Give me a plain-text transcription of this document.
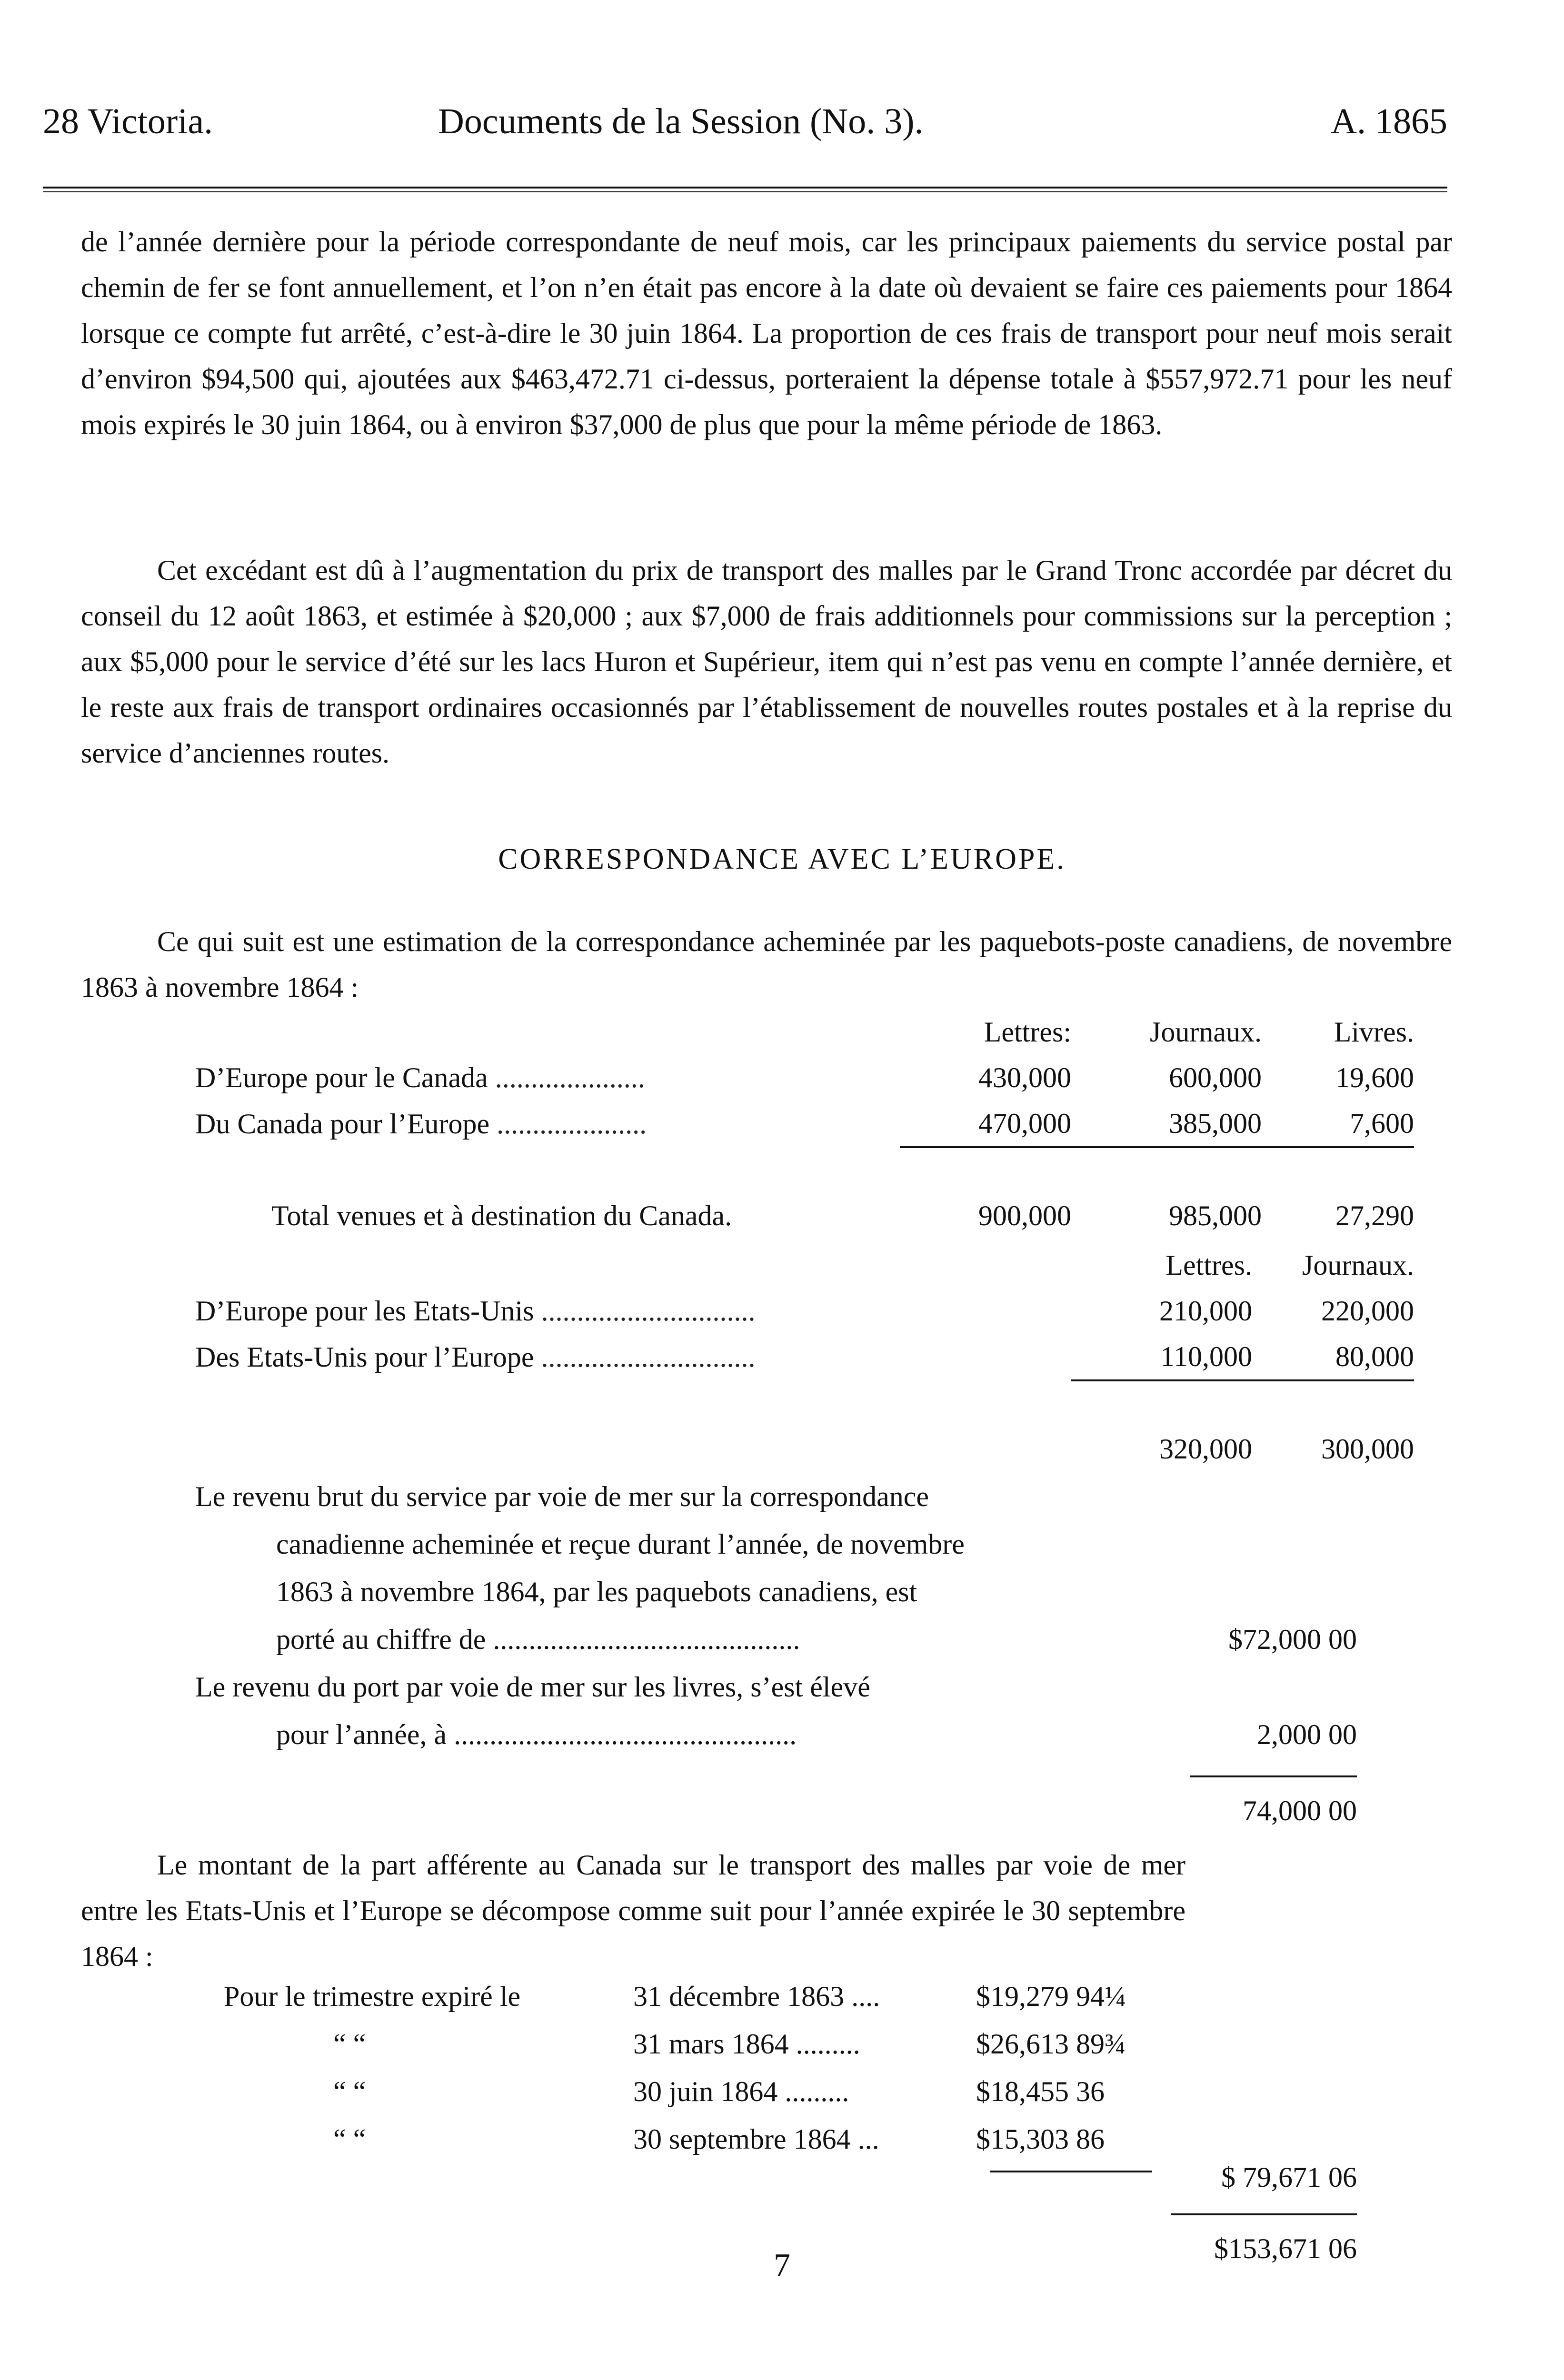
28 Victoria.	Documents de la Session (No. 3).	A. 1865

de l’année dernière pour la période correspondante de neuf mois, car les principaux paiements du service postal par chemin de fer se font annuellement, et l’on n’en était pas encore à la date où devaient se faire ces paiements pour 1864 lorsque ce compte fut arrêté, c’est-à-dire le 30 juin 1864. La proportion de ces frais de transport pour neuf mois serait d’environ $94,500 qui, ajoutées aux $463,472.71 ci-dessus, porteraient la dépense totale à $557,972.71 pour les neuf mois expirés le 30 juin 1864, ou à environ $37,000 de plus que pour la même période de 1863.

Cet excédant est dû à l’augmentation du prix de transport des malles par le Grand Tronc accordée par décret du conseil du 12 août 1863, et estimée à $20,000 ; aux $7,000 de frais additionnels pour commissions sur la perception ; aux $5,000 pour le service d’été sur les lacs Huron et Supérieur, item qui n’est pas venu en compte l’année dernière, et le reste aux frais de transport ordinaires occasionnés par l’établissement de nouvelles routes postales et à la reprise du service d’anciennes routes.

CORRESPONDANCE AVEC L’EUROPE.

Ce qui suit est une estimation de la correspondance acheminée par les paquebots-poste canadiens, de novembre 1863 à novembre 1864 :

	Lettres:	Journaux.	Livres.
D’Europe pour le Canada .....................	430,000	600,000	19,600
Du Canada pour l’Europe .....................	470,000	385,000	7,600

Total venues et à destination du Canada.	900,000	985,000	27,290
	Lettres.	Journaux.
D’Europe pour les Etats-Unis ..............................	210,000	220,000
Des Etats-Unis pour l’Europe ..............................	110,000	80,000

	320,000	300,000
Le revenu brut du service par voie de mer sur la correspondance
canadienne acheminée et reçue durant l’année, de novembre
1863 à novembre 1864, par les paquebots canadiens, est
porté au chiffre de ...........................................	$72,000 00
Le revenu du port par voie de mer sur les livres, s’est élevé
pour l’année, à ................................................	2,000 00
74,000 00

Le montant de la part afférente au Canada sur le transport des malles par voie de mer entre les Etats-Unis et l’Europe se décompose comme suit pour l’année expirée le 30 septembre 1864 :

Pour le trimestre expiré le	31 décembre 1863 ....	$19,279 94¼
“ “	31 mars 1864 .........	$26,613 89¾
“ “	30 juin 1864 .........	$18,455 36
“ “	30 septembre 1864 ...	$15,303 86
$ 79,671 06
$153,671 06
7
